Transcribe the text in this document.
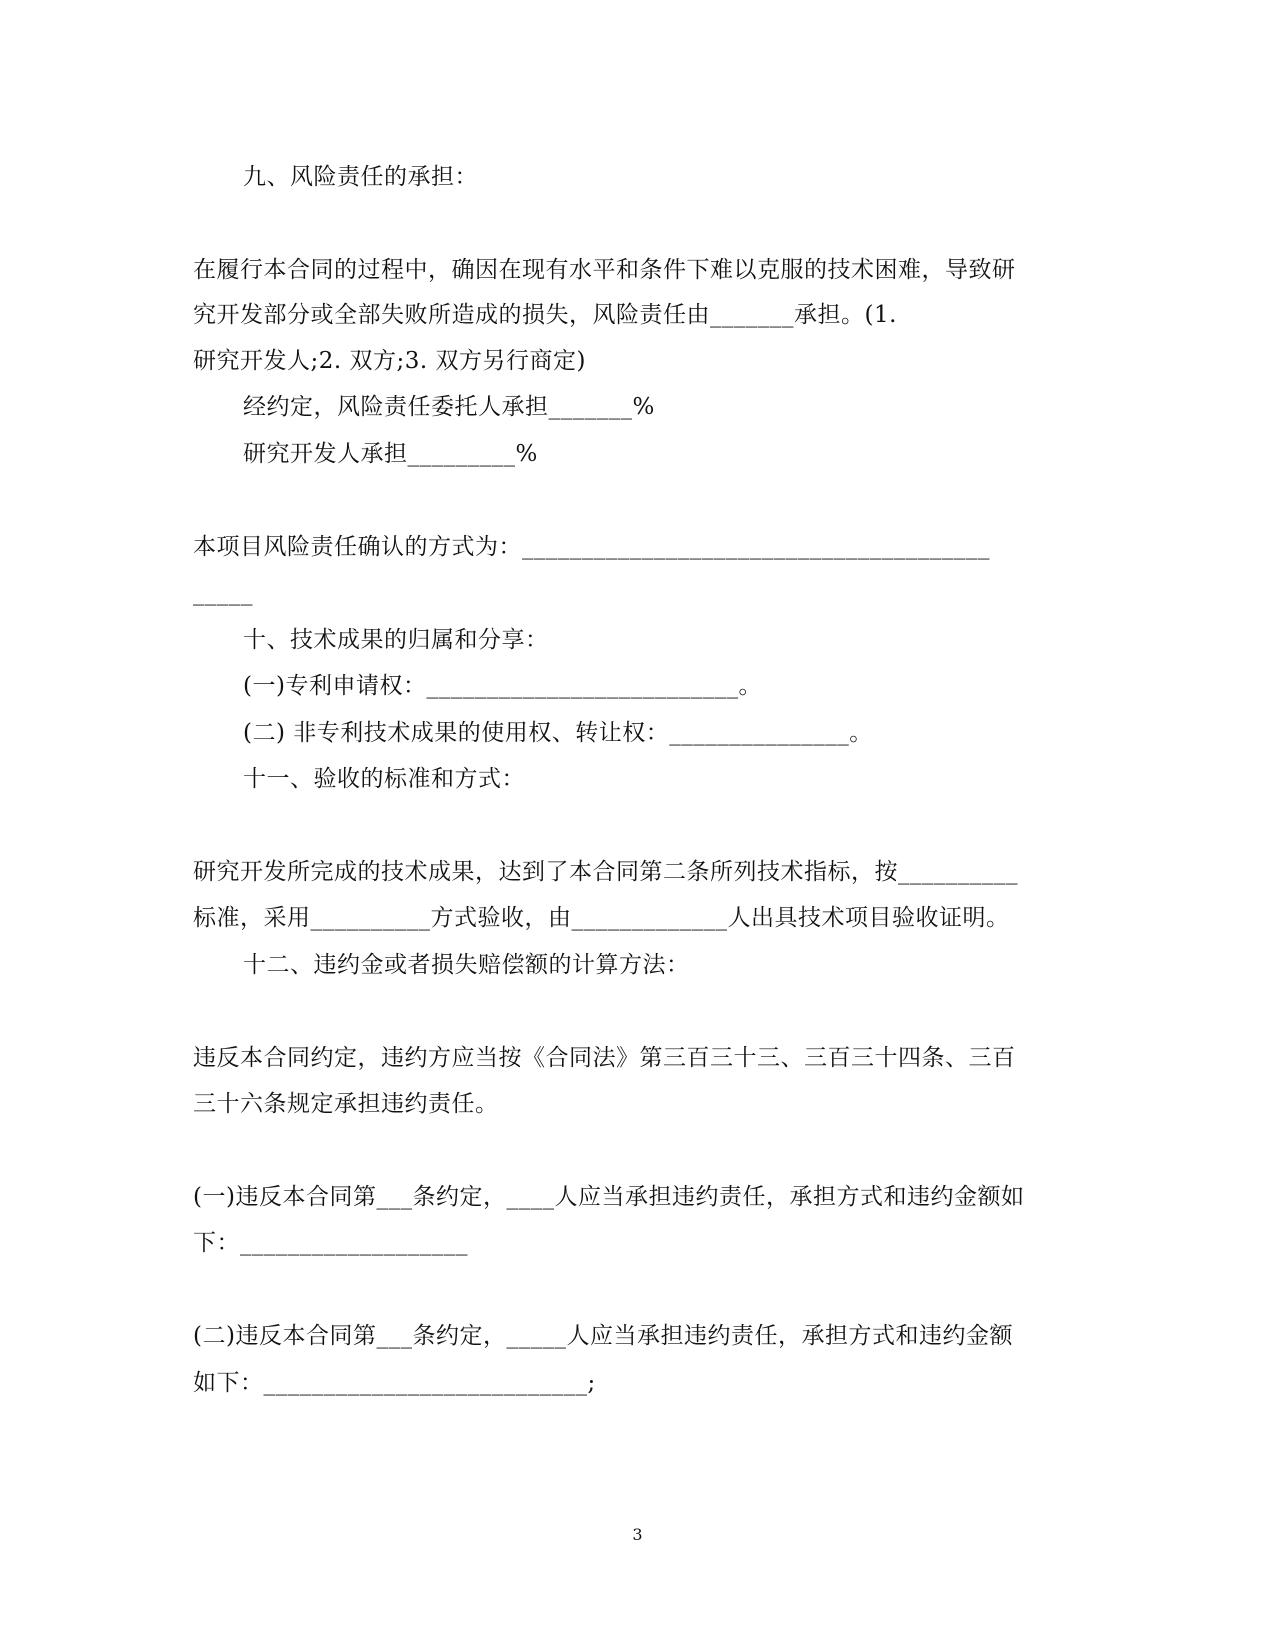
九、风险责任的承担：
在履行本合同的过程中，确因在现有水平和条件下难以克服的技术困难，导致研
究开发部分或全部失败所造成的损失，风险责任由_______承担。(1.
研究开发人;2. 双方;3. 双方另行商定)
经约定，风险责任委托人承担_______%
研究开发人承担_________%
本项目风险责任确认的方式为：_______________________________________
_____
十、技术成果的归属和分享：
(一)专利申请权：__________________________。
(二) 非专利技术成果的使用权、转让权：_______________。
十一、验收的标准和方式：
研究开发所完成的技术成果，达到了本合同第二条所列技术指标，按__________
标准，采用__________方式验收，由_____________人出具技术项目验收证明。
十二、违约金或者损失赔偿额的计算方法：
违反本合同约定，违约方应当按《合同法》第三百三十三、三百三十四条、三百
三十六条规定承担违约责任。
(一)违反本合同第___条约定，____人应当承担违约责任，承担方式和违约金额如
下：___________________
(二)违反本合同第___条约定，_____人应当承担违约责任，承担方式和违约金额
如下：___________________________;
3
